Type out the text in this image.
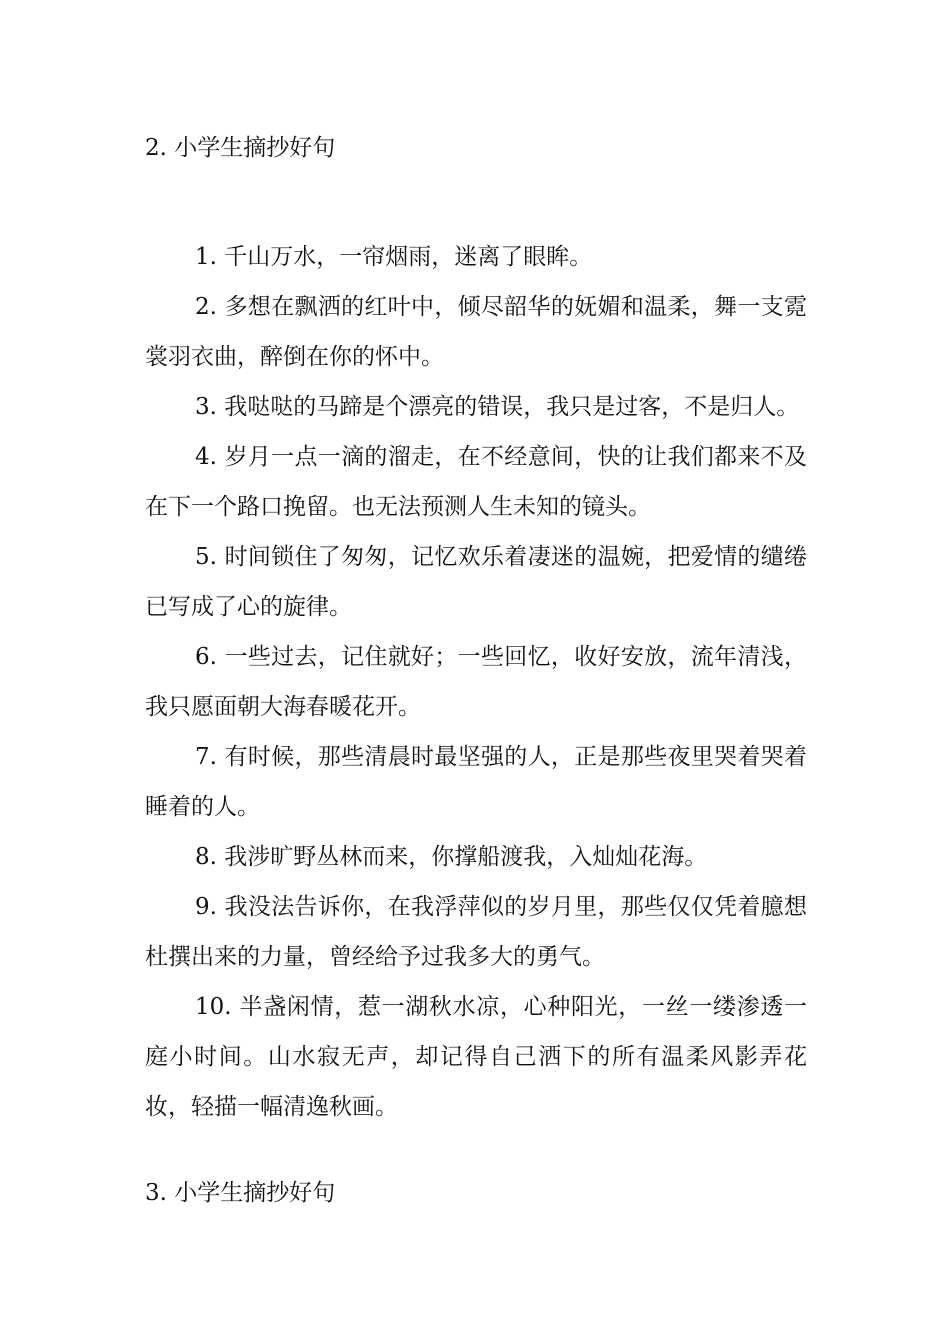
2. 小学生摘抄好句
1. 千山万水，一帘烟雨，迷离了眼眸。
2. 多想在飘洒的红叶中，倾尽韶华的妩媚和温柔，舞一支霓裳羽衣曲，醉倒在你的怀中。
3. 我哒哒的马蹄是个漂亮的错误，我只是过客，不是归人。
4. 岁月一点一滴的溜走，在不经意间，快的让我们都来不及在下一个路口挽留。也无法预测人生未知的镜头。
5. 时间锁住了匆匆，记忆欢乐着凄迷的温婉，把爱情的缱绻已写成了心的旋律。
6. 一些过去，记住就好；一些回忆，收好安放，流年清浅，我只愿面朝大海春暖花开。
7. 有时候，那些清晨时最坚强的人，正是那些夜里哭着哭着睡着的人。
8. 我涉旷野丛林而来，你撑船渡我，入灿灿花海。
9. 我没法告诉你，在我浮萍似的岁月里，那些仅仅凭着臆想杜撰出来的力量，曾经给予过我多大的勇气。
10. 半盏闲情，惹一湖秋水凉，心种阳光，一丝一缕渗透一庭小时间。山水寂无声，却记得自己洒下的所有温柔风影弄花妆，轻描一幅清逸秋画。
3. 小学生摘抄好句
